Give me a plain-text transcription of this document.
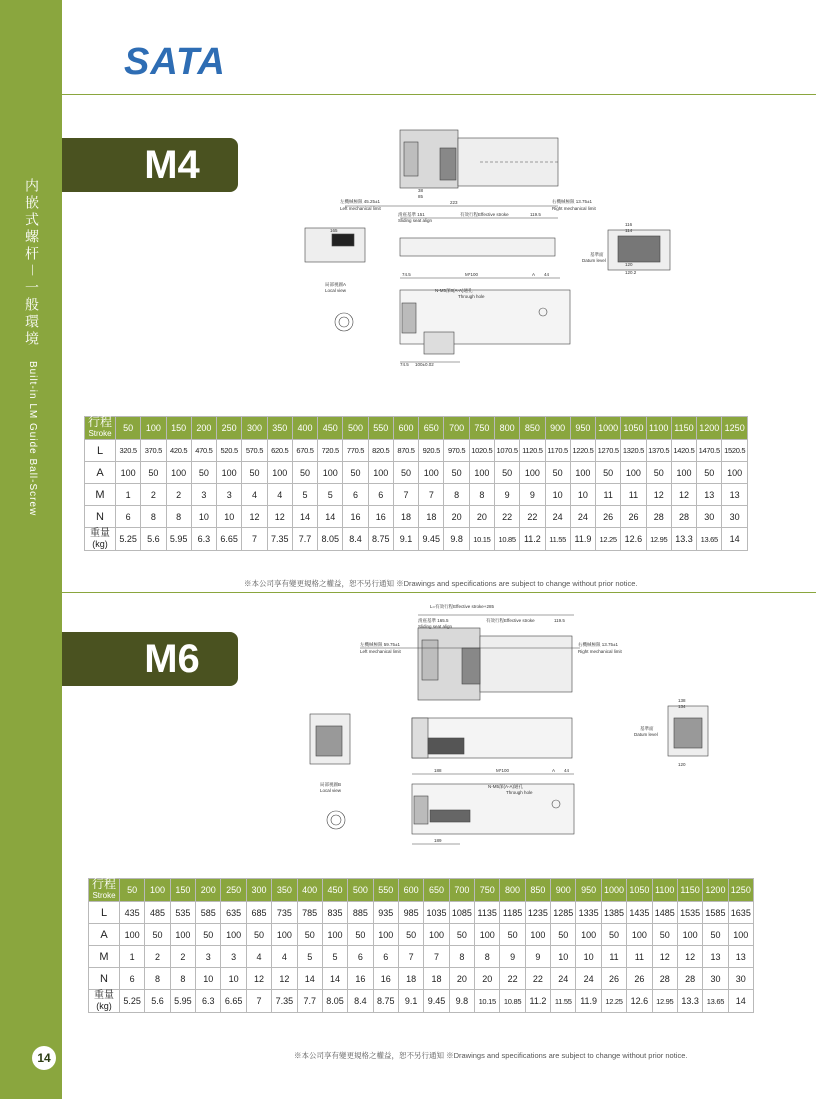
内嵌式螺杆－一般環境 Built-in LM Guide Ball-Screw
14
SATA
M4
左機械極限 45.25±1
Left mechanical limit
右機械極限 13.75±1
Right mechanical limit
滑座基準 151
Sliding seat align
有效行程Effective stroke
局部視圖A
Local view
基準面
Datum level
N-M5深8(A-A)通孔
Through hole
165
74.5	M*100	A 44
116
114
120
120.2
38
85
223
119.5
74.5 100±0.02
行程
Stroke	50	100	150	200	250	300	350	400	450	500	550	600	650	700	750	800	850	900	950	1000	1050	1100	1150	1200	1250
L	320.5	370.5	420.5	470.5	520.5	570.5	620.5	670.5	720.5	770.5	820.5	870.5	920.5	970.5	1020.5	1070.5	1120.5	1170.5	1220.5	1270.5	1320.5	1370.5	1420.5	1470.5	1520.5
A	100	50	100	50	100	50	100	50	100	50	100	50	100	50	100	50	100	50	100	50	100	50	100	50	100
M	1	2	2	3	3	4	4	5	5	6	6	7	7	8	8	9	9	10	10	11	11	12	12	13	13
N	6	8	8	10	10	12	12	14	14	16	16	18	18	20	20	22	22	24	24	26	26	28	28	30	30

重量
(kg)	5.25	5.6	5.95	6.3	6.65	7	7.35	7.7	8.05	8.4	8.75	9.1	9.45	9.8	10.15	10.85	11.2	11.55	11.9	12.25	12.6	12.95	13.3	13.65	14
※本公司享有變更規格之權益，恕不另行通知 ※Drawings and specifications are subject to change without prior notice.
M6
L=有效行程Effective stroke+285
滑座基準 165.5
Sliding seat align
有效行程Effective stroke
左機械極限 59.75±1
Left mechanical limit
右機械極限 13.75±1
Right mechanical limit
局部視圖B
Local view
基準面
Datum level
N-M5深(A-A)通孔
Through hole
188	M*100	A 44
138
134
120
189
119.5
行程
Stroke	50	100	150	200	250	300	350	400	450	500	550	600	650	700	750	800	850	900	950	1000	1050	1100	1150	1200	1250
L	435	485	535	585	635	685	735	785	835	885	935	985	1035	1085	1135	1185	1235	1285	1335	1385	1435	1485	1535	1585	1635
A	100	50	100	50	100	50	100	50	100	50	100	50	100	50	100	50	100	50	100	50	100	50	100	50	100
M	1	2	2	3	3	4	4	5	5	6	6	7	7	8	8	9	9	10	10	11	11	12	12	13	13
N	6	8	8	10	10	12	12	14	14	16	16	18	18	20	20	22	22	24	24	26	26	28	28	30	30

重量
(kg)	5.25	5.6	5.95	6.3	6.65	7	7.35	7.7	8.05	8.4	8.75	9.1	9.45	9.8	10.15	10.85	11.2	11.55	11.9	12.25	12.6	12.95	13.3	13.65	14
※本公司享有變更規格之權益，恕不另行通知 ※Drawings and specifications are subject to change without prior notice.
